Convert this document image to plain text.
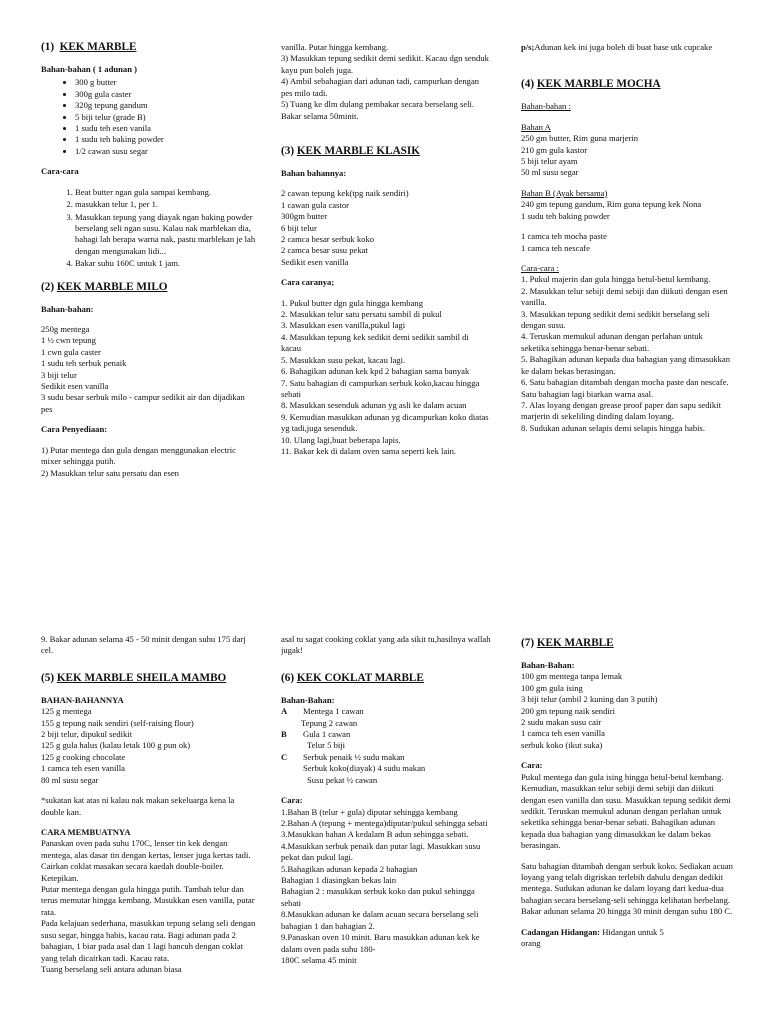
(1) KEK MARBLE

Bahan-bahan ( 1 adunan )

• 300 g butter
• 300g gula caster
• 320g tepung gandum
• 5 biji telur (grade B)
• 1 sudu teh esen vanila
• 1 sudu teh baking powder
• 1/2 cawan susu segar

Cara-cara

1. Beat butter ngan gula sampai kembang.
2. masukkan telur 1, per 1.
3. Masukkan tepung yang diayak ngan baking powder berselang seli ngan susu. Kalau nak marblekan dia, bahagi lah berapa warna nak, pastu marblekan je lah dengan mengunakan lidi...
4. Bakar suhu 160C untuk 1 jam.
(2) KEK MARBLE MILO

Bahan-bahan:

250g mentega

1 ½ cwn tepung

1 cwn gula caster

1 sudu teh serbuk penaik

3 biji telur

Sedikit esen vanilla

3 sudu besar serbuk milo - campur sedikit air dan dijadikan pes

Cara Penyediaan:

1) Putar mentega dan gula dengan menggunakan electric mixer sehingga putih.

2) Masukkan telur satu persatu dan esen

vanilla. Putar hingga kembang.

3) Masukkan tepung sedikit demi sedikit. Kacau dgn senduk kayu pun boleh juga.

4) Ambil sebahagian dari adunan tadi, campurkan dengan pes milo tadi.

5) Tuang ke dlm dulang pembakar secara berselang seli. Bakar selama 50minit.

(3) KEK MARBLE KLASIK

Bahan bahannya:

2 cawan tepung kek(tpg naik sendiri)

1 cawan gula castor

300gm butter

6 biji telur

2 camca besar serbuk koko

2 camca besar susu pekat

Sedikit esen vanilla

Cara caranya;

1. Pukul butter dgn gula hingga kembang

2. Masukkan telur satu persatu sambil di pukul

3. Masukkan esen vanilla,pukul lagi

4. Masukkan tepung kek sedikit demi sedikit sambil di kacau

5. Masukkan susu pekat, kacau lagi.

6. Bahagikan adunan kek kpd 2 bahagian sama banyak

7. Satu bahagian di campurkan serbuk koko,kacau hingga sebati

8. Masukkan sesenduk adunan yg asli ke dalam acuan

9. Kemudian masukkan adunan yg dicampurkan koko diatas yg tadi,juga sesenduk.

10. Ulang lagi,buat beberapa lapis.

11. Bakar kek di dalam oven sama seperti kek lain.

p/s;Adunan kek ini juga boleh di buat base utk cupcake

(4) KEK MARBLE MOCHA

Bahan-bahan :

Bahan A

250 gm butter, Rim guna marjerin

210 gm gula kastor

5 biji telur ayam

50 ml susu segar

Bahan B (Ayak bersama)

240 gm tepung gandum, Rim guna tepung kek Nona

1 sudu teh baking powder

1 camca teh mocha paste

1 camca teh nescafe

Cara-cara :

1. Pukul majerin dan gula hingga betul-betul kembang.

2. Masukkan telur sebiji demi sebiji dan diikuti dengan esen vanilla.

3. Masukkan tepung sedikit demi sedikit berselang seli dengan susu.

4. Teruskan memukul adunan dengan perlahan untuk seketika sehingga benar-benar sebati.

5. Bahagikan adunan kepada dua bahagian yang dimasukkan ke dalam bekas berasingan.

6. Satu bahagian ditambah dengan mocha paste dan nescafe. Satu bahagian lagi biarkan warna asal.

7. Alas loyang dengan grease proof paper dan sapu sedikit marjerin di sekeliling dinding dalam loyang.

8. Sudukan adunan selapis demi selapis hingga habis.

9. Bakar adunan selama 45 - 50 minit dengan suhu 175 darj cel.

(5) KEK MARBLE SHEILA MAMBO

BAHAN-BAHANNYA

125 g mentega

155 g tepung naik sendiri (self-raising flour)

2 biji telur, dipukul sedikit

125 g gula halus (kalau letak 100 g pun ok)

125 g cooking chocolate

1 camca teh esen vanilla

80 ml susu segar

*sukatan kat atas ni kalau nak makan sekeluarga kena la double kan.

CARA MEMBUATNYA

Panaskan oven pada suhu 170C, lenser tin kek dengan mentega, alas dasar tin dengan kertas, lenser juga kertas tadi. Cairkan coklat masakan secara kaedah double-boiler. Ketepikan.

Putar mentega dengan gula hingga putih. Tambah telur dan terus memutar hingga kembang. Masukkan esen vanilla, putar rata.

Pada kelajuan sederhana, masukkan tepung selang seli dengan susu segar, hingga habis, kacau rata. Bagi adunan pada 2 bahagian, 1 biar pada asal dan 1 lagi bancuh dengan coklat yang telah dicairkan tadi. Kacau rata.

Tuang berselang seli antara adunan biasa

asal tu sagat cooking coklat yang ada sikit tu,hasilnya wallah jugak!

(6) KEK COKLAT MARBLE

Bahan-Bahan:

A	Mentega 1 cawan

Tepung 2 cawan

B	Gula 1 cawan

Telur 5 biji

C	Serbuk penaik ½ sudu makan

Serbuk koko(diayak) 4 sudu makan

Susu pekat ½ cawan

Cara:

1.Bahan B (telur + gula) diputar sehingga kembang

2.Bahan A (tepung + mentega)diputar/pukul sehingga sebati

3.Masukkan bahan A kedalam B adun sehingga sebati.

4.Masukkan serbuk penaik dan putar lagi. Masukkan susu pekat dan pukul lagi.

5.Bahagikan adunan kepada 2 bahagian

Bahagian 1 diasingkan bekas lain

Bahagian 2 : masukkan serbuk koko dan pukul sehingga sebati

8.Masukkan adunan ke dalam acuan secara berselang seli bahagian 1 dan bahagian 2.

9.Panaskan oven 10 minit. Baru masukkan adunan kek ke dalam oven pada suhu 180-

180C selama 45 minit

(7) KEK MARBLE

Bahan-Bahan:

100 gm mentega tanpa lemak

100 gm gula ising

3 biji telur (ambil 2 kuning dan 3 putih)

200 gm tepung naik sendiri

2 sudu makan susu cair

1 camca teh esen vanilla

serbuk koko (ikut suka)

Cara:

Pukul mentega dan gula ising hingga betul-betul kembang. Kemudian, masukkan telur sebiji demi sebiji dan diikuti dengan esen vanilla dan susu. Masukkan tepung sedikit demi sedikit. Teruskan memukul adunan dengan perlahan untuk seketika sehingga benar-benar sebati. Bahagikan adunan kepada dua bahagian yang dimasukkan ke dalam bekas berasingan.

Satu bahagian ditambah dengan serbuk koko. Sediakan acuan loyang yang telah digriskan terlebih dahulu dengan dedikit mentega. Sudukan adunan ke dalam loyang dari kedua-dua bahagian secara berselang-seli sehingga kelihatan berbelang. Bakar adunan selama 20 hingga 30 minit dengan suhu 180 C.

Cadangan Hidangan: Hidangan untuk 5

orang
